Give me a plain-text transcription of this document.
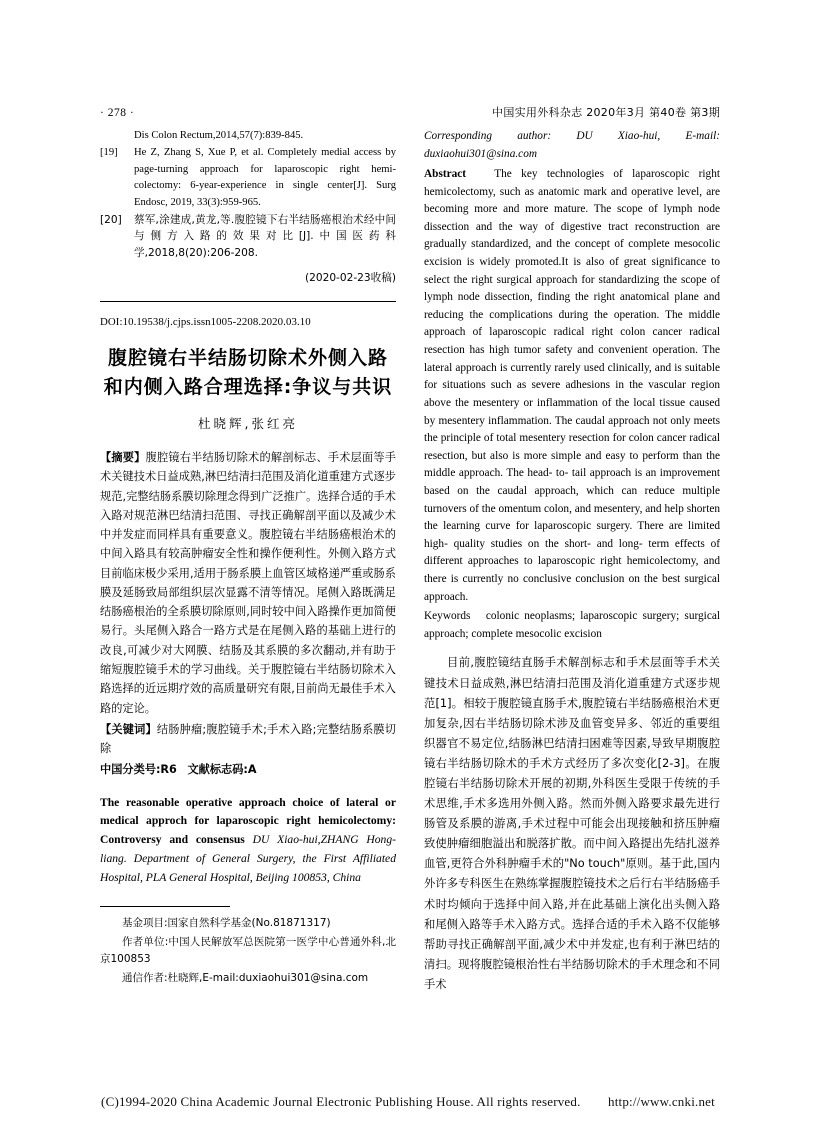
· 278 ·	中国实用外科杂志 2020年3月 第40卷 第3期
Dis Colon Rectum,2014,57(7):839-845.
[19]	He Z, Zhang S, Xue P, et al. Completely medial access by page-turning approach for laparoscopic right hemi- colectomy: 6-year-experience in single center[J]. Surg Endosc, 2019, 33(3):959-965.
[20]	蔡军,涂建成,黄龙,等.腹腔镜下右半结肠癌根治术经中间与侧方入路的效果对比[J].中国医药科学,2018,8(20):206-208.
(2020-02-23收稿)
DOI:10.19538/j.cjps.issn1005-2208.2020.03.10
腹腔镜右半结肠切除术外侧入路和内侧入路合理选择:争议与共识
杜晓辉,张红亮
【摘要】腹腔镜右半结肠切除术的解剖标志、手术层面等手术关键技术日益成熟,淋巴结清扫范围及消化道重建方式逐步规范,完整结肠系膜切除理念得到广泛推广。选择合适的手术入路对规范淋巴结清扫范围、寻找正确解剖平面以及减少术中并发症而同样具有重要意义。腹腔镜右半结肠癌根治术的中间入路具有较高肿瘤安全性和操作便利性。外侧入路方式目前临床极少采用,适用于肠系膜上血管区域格递严重或肠系膜及延肠致局部组织层次显露不清等情况。尾侧入路既满足结肠癌根治的全系膜切除原则,同时较中间入路操作更加简便易行。头尾侧入路合一路方式是在尾侧入路的基础上进行的改良,可减少对大网膜、结肠及其系膜的多次翻动,并有助于缩短腹腔镜手术的学习曲线。关于腹腔镜右半结肠切除术入路选择的近远期疗效的高质量研究有限,目前尚无最佳手术入路的定论。
【关键词】结肠肿瘤;腹腔镜手术;手术入路;完整结肠系膜切除
中国分类号:R6 文献标志码:A
The reasonable operative approach choice of lateral or medical approch for laparoscopic right hemicolectomy: Controversy and consensus DU Xiao-hui,ZHANG Hong-liang. Department of General Surgery, the First Affiliated Hospital, PLA General Hospital, Beijing 100853, China

基金项目:国家自然科学基金(No.81871317)

作者单位:中国人民解放军总医院第一医学中心普通外科,北京100853

通信作者:杜晓辉,E-mail:duxiaohui301@sina.com

Corresponding author: DU Xiao-hui, E-mail: duxiaohui301@sina.com
Abstract The key technologies of laparoscopic right hemicolectomy, such as anatomic mark and operative level, are becoming more and more mature. The scope of lymph node dissection and the way of digestive tract reconstruction are gradually standardized, and the concept of complete mesocolic excision is widely promoted.It is also of great significance to select the right surgical approach for standardizing the scope of lymph node dissection, finding the right anatomical plane and reducing the complications during the operation. The middle approach of laparoscopic radical right colon cancer radical resection has high tumor safety and convenient operation. The lateral approach is currently rarely used clinically, and is suitable for situations such as severe adhesions in the vascular region above the mesentery or inflammation of the local tissue caused by mesentery inflammation. The caudal approach not only meets the principle of total mesentery resection for colon cancer radical resection, but also is more simple and easy to perform than the middle approach. The head- to- tail approach is an improvement based on the caudal approach, which can reduce multiple turnovers of the omentum colon, and mesentery, and help shorten the learning curve for laparoscopic surgery. There are limited high- quality studies on the short- and long- term effects of different approaches to laparoscopic right hemicolectomy, and there is currently no conclusive conclusion on the best surgical approach.
Keywords colonic neoplasms; laparoscopic surgery; surgical approach; complete mesocolic excision
目前,腹腔镜结直肠手术解剖标志和手术层面等手术关键技术日益成熟,淋巴结清扫范围及消化道重建方式逐步规范[1]。相较于腹腔镜直肠手术,腹腔镜右半结肠癌根治术更加复杂,因右半结肠切除术涉及血管变异多、邻近的重要组织器官不易定位,结肠淋巴结清扫困难等因素,导致早期腹腔镜右半结肠切除术的手术方式经历了多次变化[2-3]。在腹腔镜右半结肠切除术开展的初期,外科医生受限于传统的手术思维,手术多选用外侧入路。然而外侧入路要求最先进行肠管及系膜的游离,手术过程中可能会出现接触和挤压肿瘤致使肿瘤细胞溢出和脱落扩散。而中间入路提出先结扎滋养血管,更符合外科肿瘤手术的"No touch"原则。基于此,国内外许多专科医生在熟练掌握腹腔镜技术之后行右半结肠癌手术时均倾向于选择中间入路,并在此基础上演化出头侧入路和尾侧入路等手术入路方式。选择合适的手术入路不仅能够帮助寻找正确解剖平面,减少术中并发症,也有利于淋巴结的清扫。现将腹腔镜根治性右半结肠切除术的手术理念和不同手术
(C)1994-2020 China Academic Journal Electronic Publishing House. All rights reserved. http://www.cnki.net
